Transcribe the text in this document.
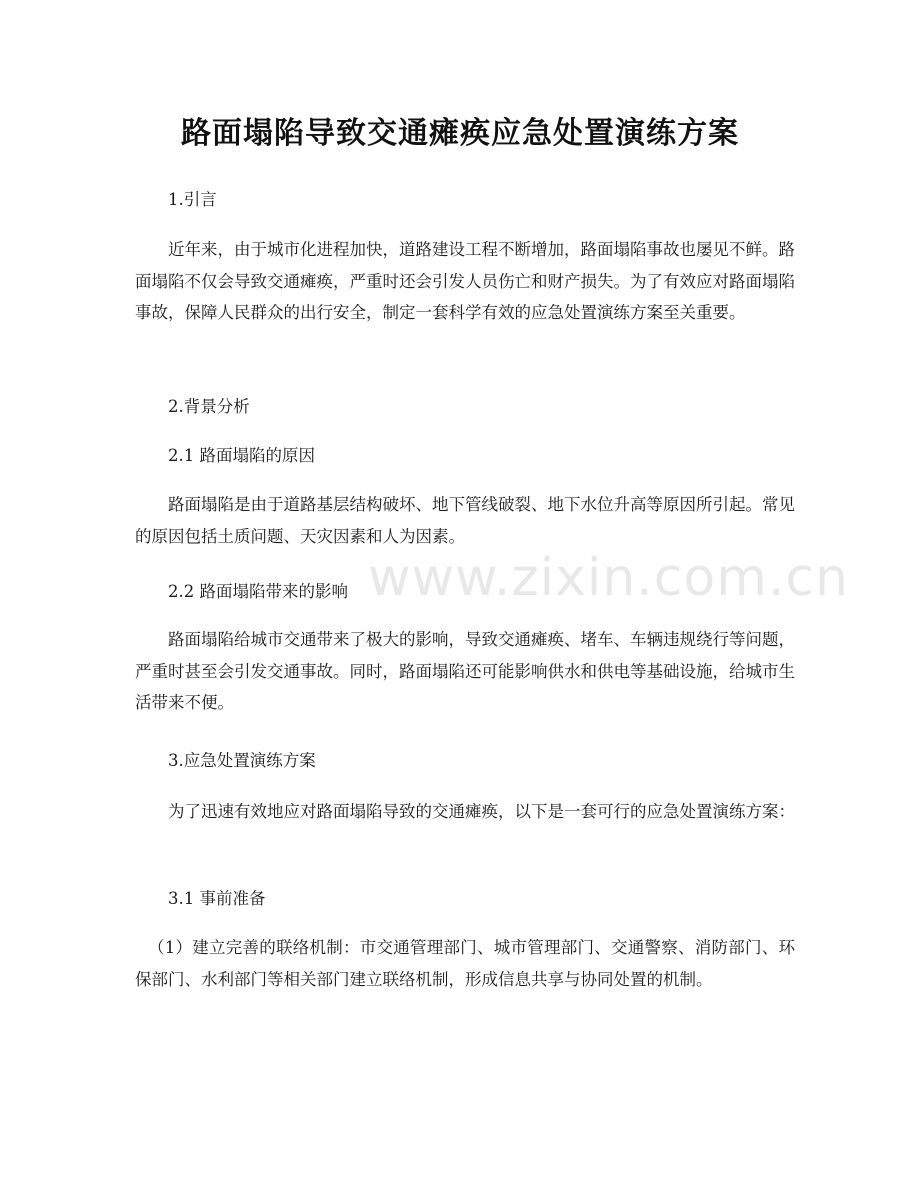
路面塌陷导致交通瘫痪应急处置演练方案

1.引言

近年来，由于城市化进程加快，道路建设工程不断增加，路面塌陷事故也屡见不鲜。路面塌陷不仅会导致交通瘫痪，严重时还会引发人员伤亡和财产损失。为了有效应对路面塌陷事故，保障人民群众的出行安全，制定一套科学有效的应急处置演练方案至关重要。

2.背景分析

2.1 路面塌陷的原因

路面塌陷是由于道路基层结构破坏、地下管线破裂、地下水位升高等原因所引起。常见的原因包括土质问题、天灾因素和人为因素。

2.2 路面塌陷带来的影响

路面塌陷给城市交通带来了极大的影响，导致交通瘫痪、堵车、车辆违规绕行等问题，严重时甚至会引发交通事故。同时，路面塌陷还可能影响供水和供电等基础设施，给城市生活带来不便。

3.应急处置演练方案

为了迅速有效地应对路面塌陷导致的交通瘫痪，以下是一套可行的应急处置演练方案：

3.1 事前准备

（1）建立完善的联络机制：市交通管理部门、城市管理部门、交通警察、消防部门、环保部门、水利部门等相关部门建立联络机制，形成信息共享与协同处置的机制。

www.zixin.com.cn
